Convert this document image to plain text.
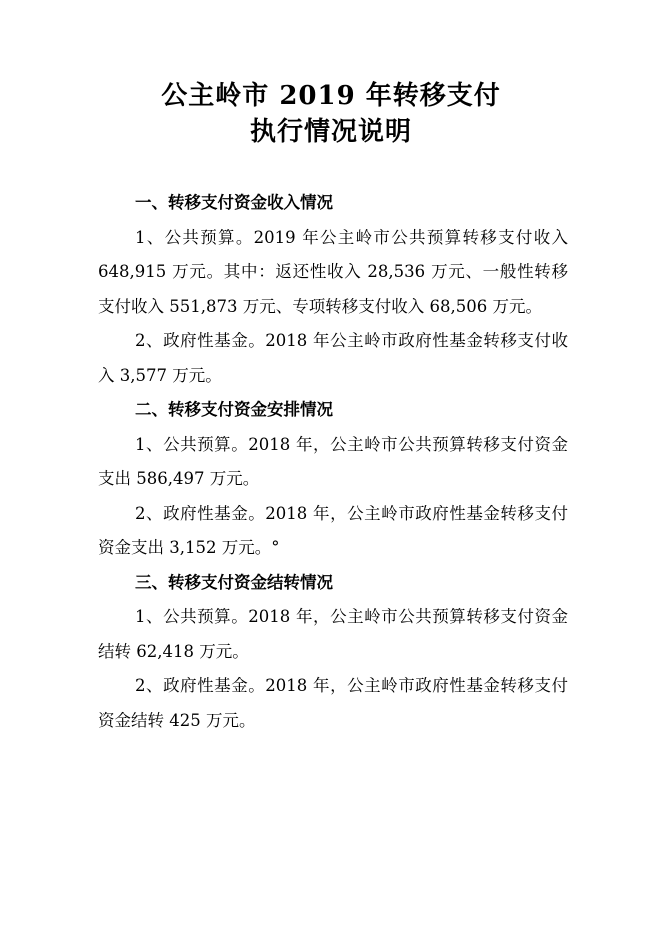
公主岭市 2019 年转移支付
执行情况说明

一、转移支付资金收入情况

1、公共预算。2019 年公主岭市公共预算转移支付收入 648,915 万元。其中：返还性收入 28,536 万元、一般性转移支付收入 551,873 万元、专项转移支付收入 68,506 万元。

2、政府性基金。2018 年公主岭市政府性基金转移支付收入 3,577 万元。

二、转移支付资金安排情况

1、公共预算。2018 年，公主岭市公共预算转移支付资金支出 586,497 万元。

2、政府性基金。2018 年，公主岭市政府性基金转移支付资金支出 3,152 万元。°

三、转移支付资金结转情况

1、公共预算。2018 年，公主岭市公共预算转移支付资金结转 62,418 万元。

2、政府性基金。2018 年，公主岭市政府性基金转移支付资金结转 425 万元。
